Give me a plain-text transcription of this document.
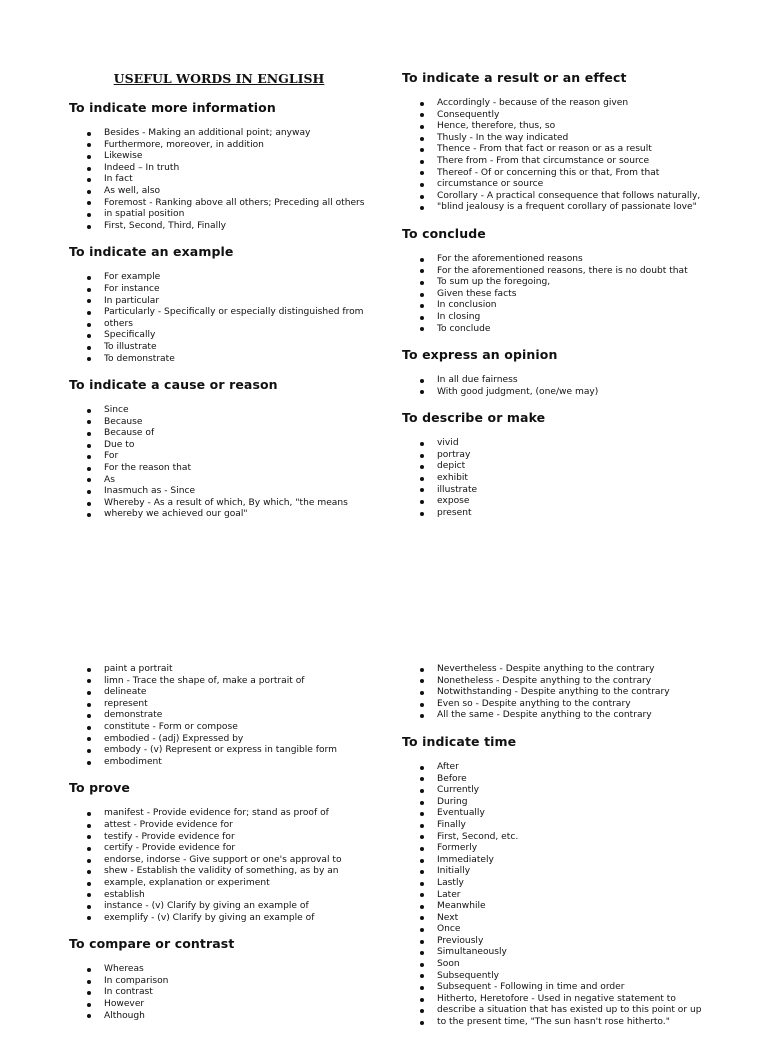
USEFUL WORDS IN ENGLISH
To indicate more information
Besides - Making an additional point; anyway
Furthermore, moreover, in addition
Likewise
Indeed – In truth
In fact
As well, also
Foremost - Ranking above all others; Preceding all others
in spatial position
First, Second, Third, Finally
To indicate an example
For example
For instance
In particular
Particularly - Specifically or especially distinguished from
others
Specifically
To illustrate
To demonstrate
To indicate a cause or reason
Since
Because
Because of
Due to
For
For the reason that
As
Inasmuch as - Since
Whereby - As a result of which, By which, "the means
whereby we achieved our goal"
To indicate a result or an effect
Accordingly - because of the reason given
Consequently
Hence, therefore, thus, so
Thusly - In the way indicated
Thence - From that fact or reason or as a result
There from - From that circumstance or source
Thereof - Of or concerning this or that, From that
circumstance or source
Corollary - A practical consequence that follows naturally,
"blind jealousy is a frequent corollary of passionate love"
To conclude
For the aforementioned reasons
For the aforementioned reasons, there is no doubt that
To sum up the foregoing,
Given these facts
In conclusion
In closing
To conclude
To express an opinion
In all due fairness
With good judgment, (one/we may)
To describe or make
vivid
portray
depict
exhibit
illustrate
expose
present
paint a portrait
limn - Trace the shape of, make a portrait of
delineate
represent
demonstrate
constitute - Form or compose
embodied - (adj) Expressed by
embody - (v) Represent or express in tangible form
embodiment
To prove
manifest - Provide evidence for; stand as proof of
attest - Provide evidence for
testify - Provide evidence for
certify - Provide evidence for
endorse, indorse - Give support or one's approval to
shew - Establish the validity of something, as by an
example, explanation or experiment
establish
instance - (v) Clarify by giving an example of
exemplify - (v) Clarify by giving an example of
To compare or contrast
Whereas
In comparison
In contrast
However
Although
Nevertheless - Despite anything to the contrary
Nonetheless - Despite anything to the contrary
Notwithstanding - Despite anything to the contrary
Even so - Despite anything to the contrary
All the same - Despite anything to the contrary
To indicate time
After
Before
Currently
During
Eventually
Finally
First, Second, etc.
Formerly
Immediately
Initially
Lastly
Later
Meanwhile
Next
Once
Previously
Simultaneously
Soon
Subsequently
Subsequent - Following in time and order
Hitherto, Heretofore - Used in negative statement to
describe a situation that has existed up to this point or up
to the present time, "The sun hasn't rose hitherto."
